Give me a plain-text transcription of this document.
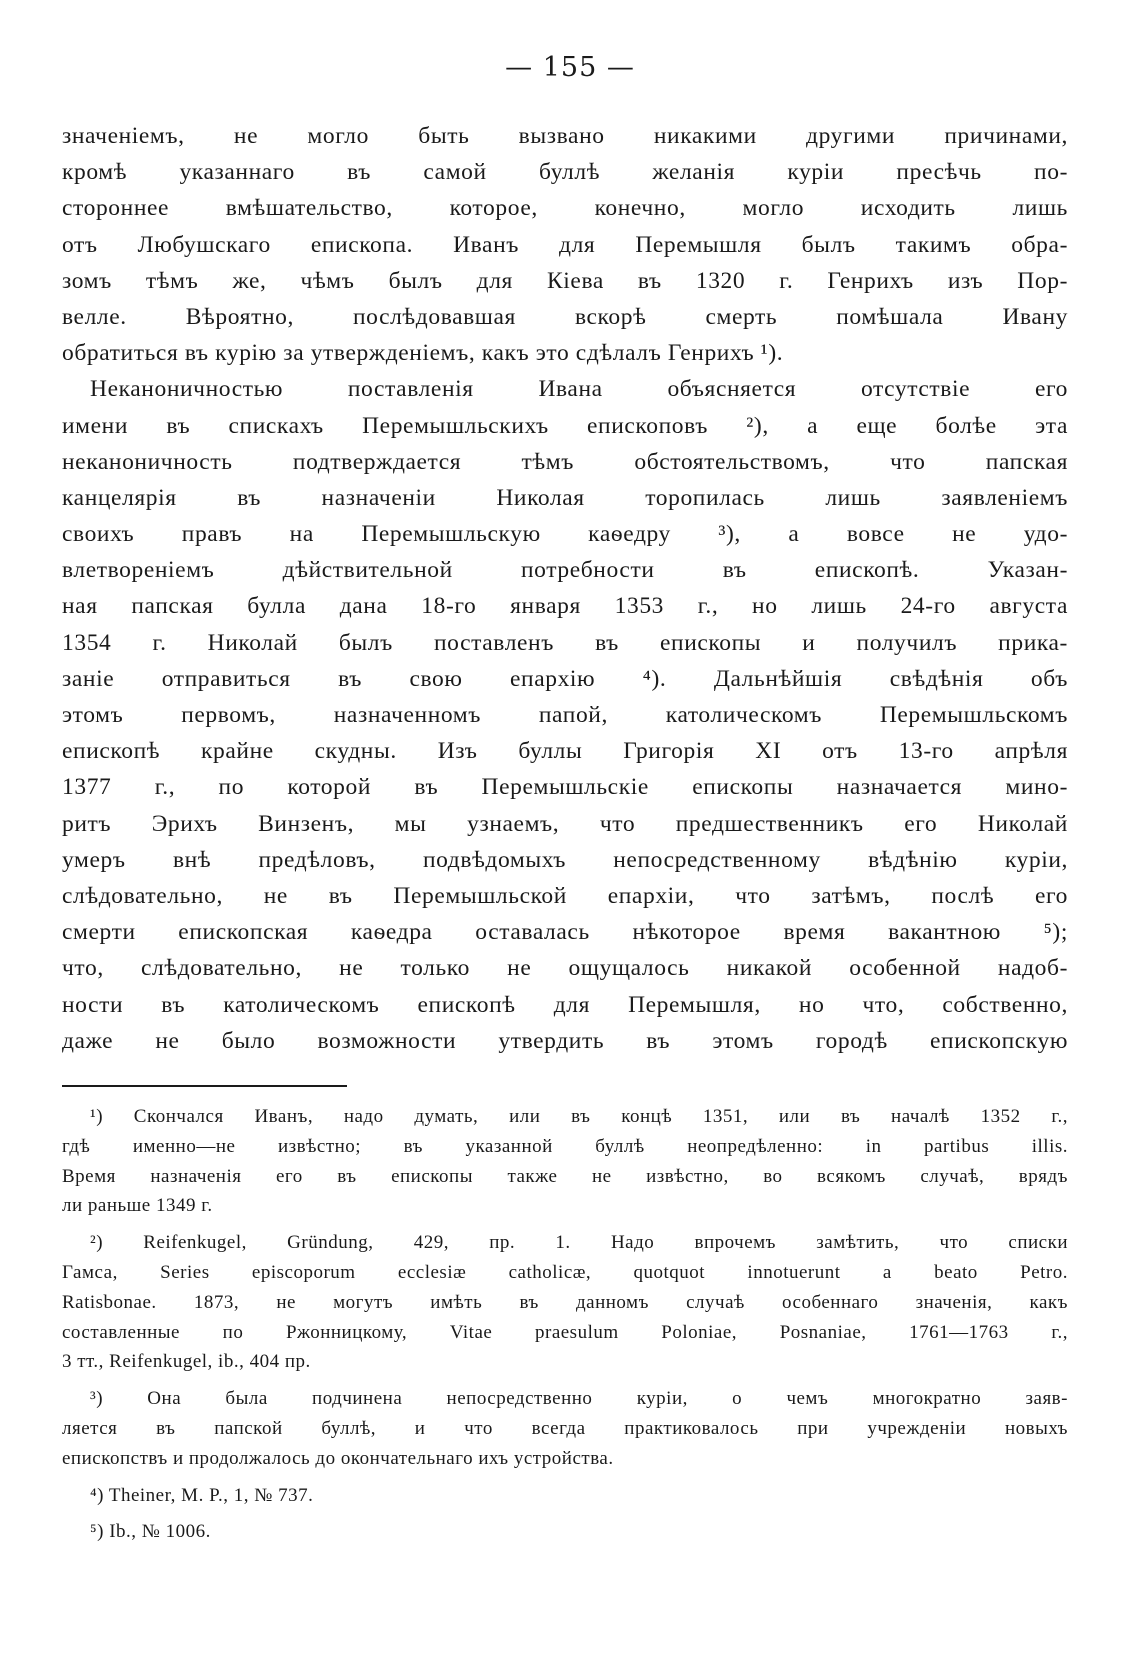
— 155 —
значеніемъ, не могло быть вызвано никакими другими причинами,
кромѣ указаннаго въ самой буллѣ желанія куріи пресѣчь по-
стороннее вмѣшательство, которое, конечно, могло исходить лишь
отъ Любушскаго епископа. Иванъ для Перемышля былъ такимъ обра-
зомъ тѣмъ же, чѣмъ былъ для Кіева въ 1320 г. Генрихъ изъ Пор-
велле. Вѣроятно, послѣдовавшая вскорѣ смерть помѣшала Ивану
обратиться въ курію за утвержденіемъ, какъ это сдѣлалъ Генрихъ ¹).
Неканоничностью поставленія Ивана объясняется отсутствіе его
имени въ спискахъ Перемышльскихъ епископовъ ²), а еще болѣе эта
неканоничность подтверждается тѣмъ обстоятельствомъ, что папская
канцелярія въ назначеніи Николая торопилась лишь заявленіемъ
своихъ правъ на Перемышльскую каѳедру ³), а вовсе не удо-
влетвореніемъ дѣйствительной потребности въ епископѣ. Указан-
ная папская булла дана 18-го января 1353 г., но лишь 24-го августа
1354 г. Николай былъ поставленъ въ епископы и получилъ прика-
заніе отправиться въ свою епархію ⁴). Дальнѣйшія свѣдѣнія объ
этомъ первомъ, назначенномъ папой, католическомъ Перемышльскомъ
епископѣ крайне скудны. Изъ буллы Григорія XI отъ 13-го апрѣля
1377 г., по которой въ Перемышльскіе епископы назначается мино-
ритъ Эрихъ Винзенъ, мы узнаемъ, что предшественникъ его Николай
умеръ внѣ предѣловъ, подвѣдомыхъ непосредственному вѣдѣнію куріи,
слѣдовательно, не въ Перемышльской епархіи, что затѣмъ, послѣ его
смерти епископская каѳедра оставалась нѣкоторое время вакантною ⁵);
что, слѣдовательно, не только не ощущалось никакой особенной надоб-
ности въ католическомъ епископѣ для Перемышля, но что, собственно,
даже не было возможности утвердить въ этомъ городѣ епископскую
¹) Скончался Иванъ, надо думать, или въ концѣ 1351, или въ началѣ 1352 г.,
гдѣ именно—не извѣстно; въ указанной буллѣ неопредѣленно: in partibus illis.
Время назначенія его въ епископы также не извѣстно, во всякомъ случаѣ, врядъ
ли раньше 1349 г.
²) Reifenkugel, Gründung, 429, пр. 1. Надо впрочемъ замѣтить, что списки
Гамса, Series episcoporum ecclesiæ catholicæ, quotquot innotuerunt a beato Petro.
Ratisbonae. 1873, не могутъ имѣть въ данномъ случаѣ особеннаго значенія, какъ
составленные по Ржонницкому, Vitae praesulum Poloniae, Posnaniae, 1761—1763 г.,
3 тт., Reifenkugel, ib., 404 пр.
³) Она была подчинена непосредственно куріи, о чемъ многократно заяв-
ляется въ папской буллѣ, и что всегда практиковалось при учрежденіи новыхъ
епископствъ и продолжалось до окончательнаго ихъ устройства.
⁴) Theiner, M. P., 1, № 737.
⁵) Ib., № 1006.
